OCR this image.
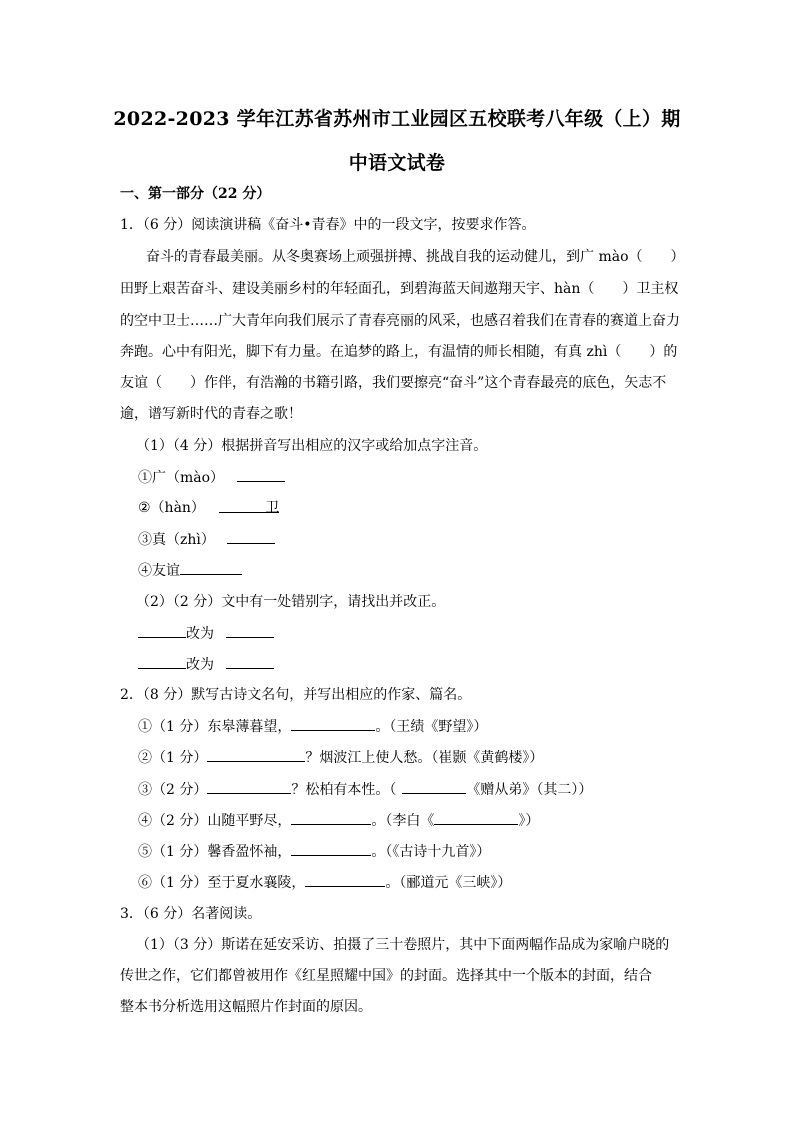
2022-2023 学年江苏省苏州市工业园区五校联考八年级（上）期
中语文试卷
一、第一部分（22 分）
1．（6 分）阅读演讲稿《奋斗•青春》中的一段文字，按要求作答。
奋斗的青春最美丽。从冬奥赛场上顽强拼搏、挑战自我的运动健儿，到广 mào（　　）
田野上艰苦奋斗、建设美丽乡村的年轻面孔，到碧海蓝天间遨翔天宇、hàn（　　）卫主权
的空中卫士……广大青年向我们展示了青春亮丽的风采，也感召着我们在青春的赛道上奋力
奔跑。心中有阳光，脚下有力量。在追梦的路上，有温情的师长相随，有真 zhì（　　）的
友谊（　　）作伴，有浩瀚的书籍引路，我们要擦亮“奋斗”这个青春最亮的底色，矢志不
逾，谱写新时代的青春之歌！
（1）（4 分）根据拼音写出相应的汉字或给加点字注音。
①广（mào）
②（hàn）	卫
③真（zhì）
④友谊
（2）（2 分）文中有一处错别字，请找出并改正。
改为
改为
2．（8 分）默写古诗文名句，并写出相应的作家、篇名。
①（1 分）东皋薄暮望，	。（王绩《野望》）
②（1 分）	？烟波江上使人愁。（崔颢《黄鹤楼》）
③（2 分）	？松柏有本性。（	《赠从弟》（其二））
④（2 分）山随平野尽，	。（李白《	》）
⑤（1 分）馨香盈怀袖，	。（《古诗十九首》）
⑥（1 分）至于夏水襄陵，	。（郦道元《三峡》）
3．（6 分）名著阅读。
（1）（3 分）斯诺在延安采访、拍摄了三十卷照片，其中下面两幅作品成为家喻户晓的
传世之作，它们都曾被用作《红星照耀中国》的封面。选择其中一个版本的封面，结合
整本书分析选用这幅照片作封面的原因。
